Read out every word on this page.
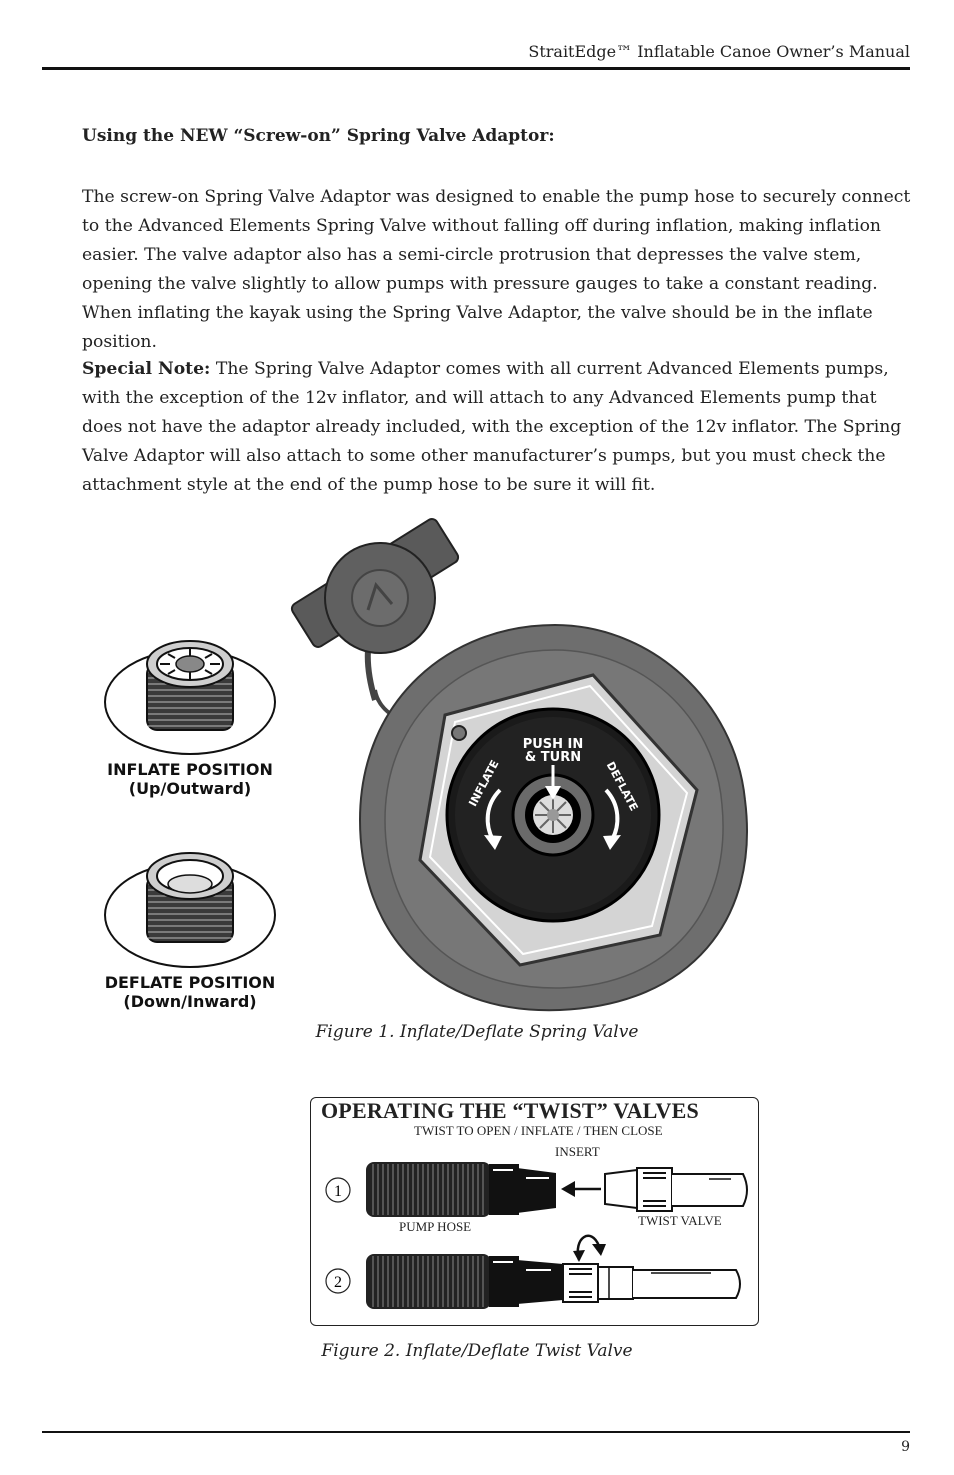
StraitEdge™ Inflatable Canoe Owner’s Manual
Using the NEW “Screw-on” Spring Valve Adaptor:

The screw-on Spring Valve Adaptor was designed to enable the pump hose to securely connect to the Advanced Elements Spring Valve without falling off during inflation, making inflation easier. The valve adaptor also has a semi-circle protrusion that depresses the valve stem, opening the valve slightly to allow pumps with pressure gauges to take a constant reading. When inflating the kayak using the Spring Valve Adaptor, the valve should be in the inflate position.

Special Note: The Spring Valve Adaptor comes with all current Advanced Elements pumps, with the exception of the 12v inflator, and will attach to any Advanced Elements pump that does not have the adaptor already included, with the exception of the 12v inflator. The Spring Valve Adaptor will also attach to some other manufacturer’s pumps, but you must check the attachment style at the end of the pump hose to be sure it will fit.

PUSH IN
& TURN
INFLATE	DEFLATE
INFLATE POSITION
(Up/Outward)
DEFLATE POSITION
(Down/Inward)
Figure 1. Inflate/Deflate Spring Valve
OPERATING THE “TWIST” VALVES
TWIST TO OPEN / INFLATE / THEN CLOSE
INSERT
PUMP HOSE	TWIST VALVE
1
2
Figure 2. Inflate/Deflate Twist Valve
9
